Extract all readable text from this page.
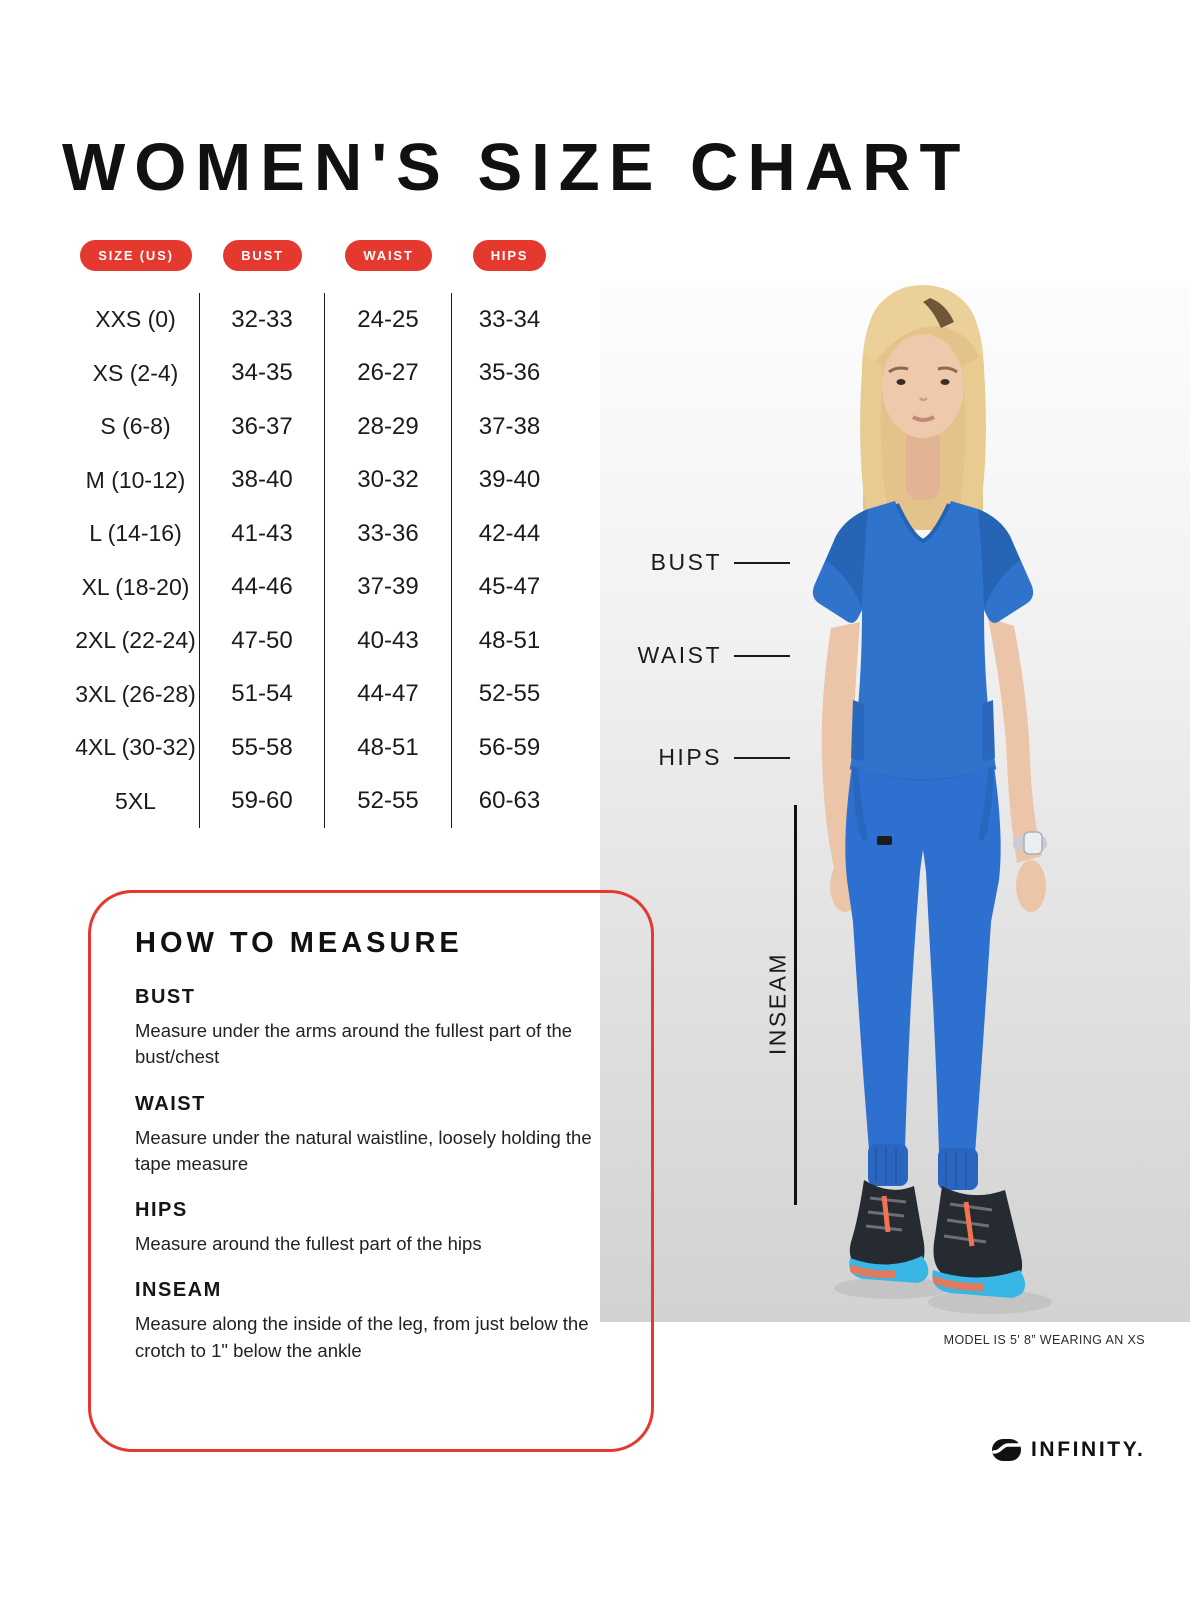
WOMEN'S SIZE CHART
SIZE (US)	BUST	WAIST	HIPS
XXS (0)	32-33	24-25	33-34
XS (2-4)	34-35	26-27	35-36
S (6-8)	36-37	28-29	37-38
M (10-12)	38-40	30-32	39-40
L (14-16)	41-43	33-36	42-44
XL (18-20)	44-46	37-39	45-47
2XL (22-24)	47-50	40-43	48-51
3XL (26-28)	51-54	44-47	52-55
4XL (30-32)	55-58	48-51	56-59
5XL	59-60	52-55	60-63
HOW TO MEASURE
BUST
Measure under the arms around the fullest part of the bust/chest
WAIST
Measure under the natural waistline, loosely holding the tape measure
HIPS
Measure around the fullest part of the hips
INSEAM
Measure along the inside of the leg, from just below the crotch to 1" below the ankle
BUST
WAIST
HIPS
INSEAM
MODEL IS 5' 8” WEARING AN XS
INFINITY.
